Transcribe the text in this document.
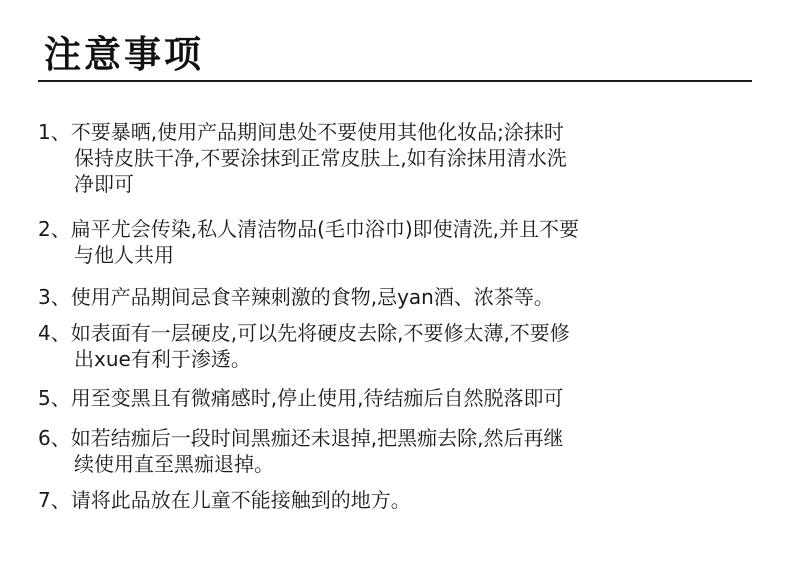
注意事项
1、不要暴晒,使用产品期间患处不要使用其他化妆品;涂抹时
保持皮肤干净,不要涂抹到正常皮肤上,如有涂抹用清水洗
净即可
2、扁平尤会传染,私人清洁物品(毛巾浴巾)即使清洗,并且不要
与他人共用
3、使用产品期间忌食辛辣刺激的食物,忌yan酒、浓茶等。
4、如表面有一层硬皮,可以先将硬皮去除,不要修太薄,不要修
出xue有利于渗透。
5、用至变黑且有微痛感时,停止使用,待结痂后自然脱落即可
6、如若结痂后一段时间黑痂还未退掉,把黑痂去除,然后再继
续使用直至黑痂退掉。
7、请将此品放在儿童不能接触到的地方。
